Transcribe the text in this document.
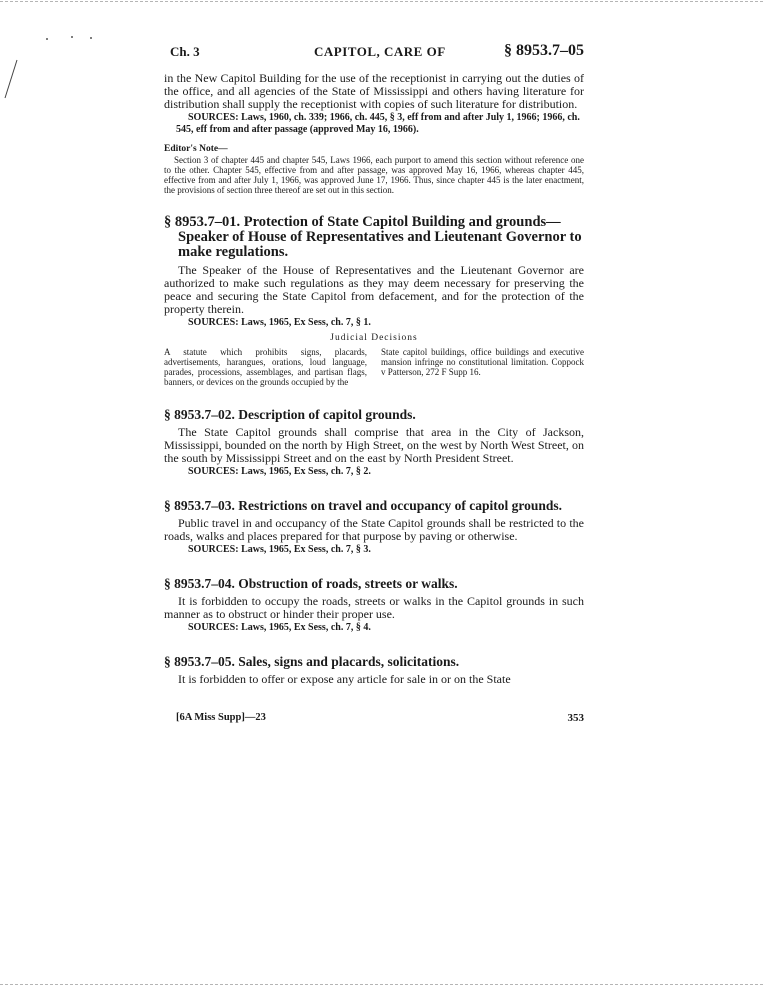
Ch. 3	CAPITOL, CARE OF	§ 8953.7–05

in the New Capitol Building for the use of the receptionist in carrying out the duties of the office, and all agencies of the State of Mississippi and others having literature for distribution shall supply the receptionist with copies of such literature for distribution.

SOURCES: Laws, 1960, ch. 339; 1966, ch. 445, § 3, eff from and after July 1, 1966; 1966, ch. 545, eff from and after passage (approved May 16, 1966).

Editor's Note—

Section 3 of chapter 445 and chapter 545, Laws 1966, each purport to amend this section without reference one to the other. Chapter 545, effective from and after passage, was approved May 16, 1966, whereas chapter 445, effective from and after July 1, 1966, was approved June 17, 1966. Thus, since chapter 445 is the later enactment, the provisions of section three thereof are set out in this section.

§ 8953.7–01. Protection of State Capitol Building and grounds—Speaker of House of Representatives and Lieutenant Governor to make regulations.

The Speaker of the House of Representatives and the Lieutenant Governor are authorized to make such regulations as they may deem necessary for preserving the peace and securing the State Capitol from defacement, and for the protection of the property therein.

SOURCES: Laws, 1965, Ex Sess, ch. 7, § 1.

Judicial Decisions

A statute which prohibits signs, placards, advertisements, harangues, orations, loud language, parades, processions, assemblages, and partisan flags, banners, or devices on the grounds occupied by the

State capitol buildings, office buildings and executive mansion infringe no constitutional limitation. Coppock v Patterson, 272 F Supp 16.

§ 8953.7–02. Description of capitol grounds.

The State Capitol grounds shall comprise that area in the City of Jackson, Mississippi, bounded on the north by High Street, on the west by North West Street, on the south by Mississippi Street and on the east by North President Street.

SOURCES: Laws, 1965, Ex Sess, ch. 7, § 2.

§ 8953.7–03. Restrictions on travel and occupancy of capitol grounds.

Public travel in and occupancy of the State Capitol grounds shall be restricted to the roads, walks and places prepared for that purpose by paving or otherwise.

SOURCES: Laws, 1965, Ex Sess, ch. 7, § 3.

§ 8953.7–04. Obstruction of roads, streets or walks.

It is forbidden to occupy the roads, streets or walks in the Capitol grounds in such manner as to obstruct or hinder their proper use.

SOURCES: Laws, 1965, Ex Sess, ch. 7, § 4.

§ 8953.7–05. Sales, signs and placards, solicitations.

It is forbidden to offer or expose any article for sale in or on the State

[6A Miss Supp]—23	353
